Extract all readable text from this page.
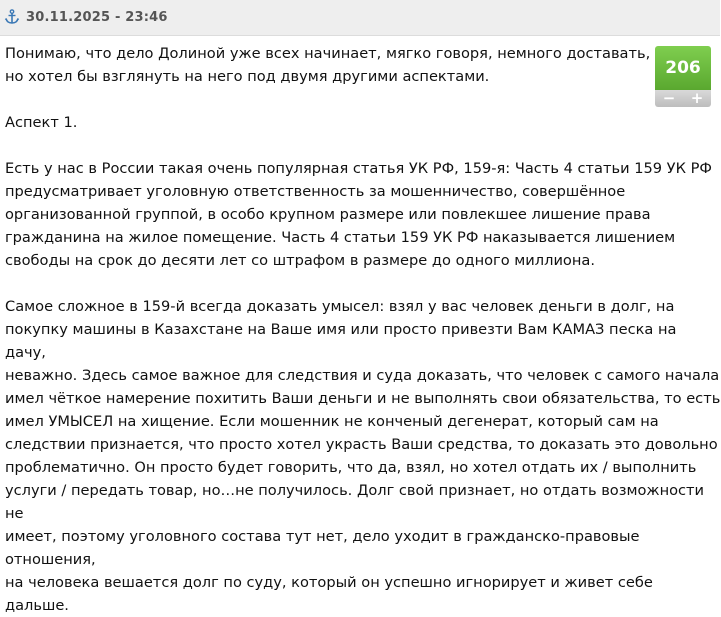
30.11.2025 - 23:46
206
−	+

Понимаю, что дело Долиной уже всех начинает, мягко говоря, немного доставать,
но хотел бы взглянуть на него под двумя другими аспектами.

Аспект 1.

Есть у нас в России такая очень популярная статья УК РФ, 159-я: Часть 4 статьи 159 УК РФ
предусматривает уголовную ответственность за мошенничество, совершённое
организованной группой, в особо крупном размере или повлекшее лишение права
гражданина на жилое помещение. Часть 4 статьи 159 УК РФ наказывается лишением
свободы на срок до десяти лет со штрафом в размере до одного миллиона.

Самое сложное в 159-й всегда доказать умысел: взял у вас человек деньги в долг, на
покупку машины в Казахстане на Ваше имя или просто привезти Вам КАМАЗ песка на дачу,
неважно. Здесь самое важное для следствия и суда доказать, что человек с самого начала
имел чёткое намерение похитить Ваши деньги и не выполнять свои обязательства, то есть
имел УМЫСЕЛ на хищение. Если мошенник не конченый дегенерат, который сам на
следствии признается, что просто хотел украсть Ваши средства, то доказать это довольно
проблематично. Он просто будет говорить, что да, взял, но хотел отдать их / выполнить
услуги / передать товар, но…не получилось. Долг свой признает, но отдать возможности не
имеет, поэтому уголовного состава тут нет, дело уходит в гражданско-правовые отношения,
на человека вешается долг по суду, который он успешно игнорирует и живет себе дальше.
